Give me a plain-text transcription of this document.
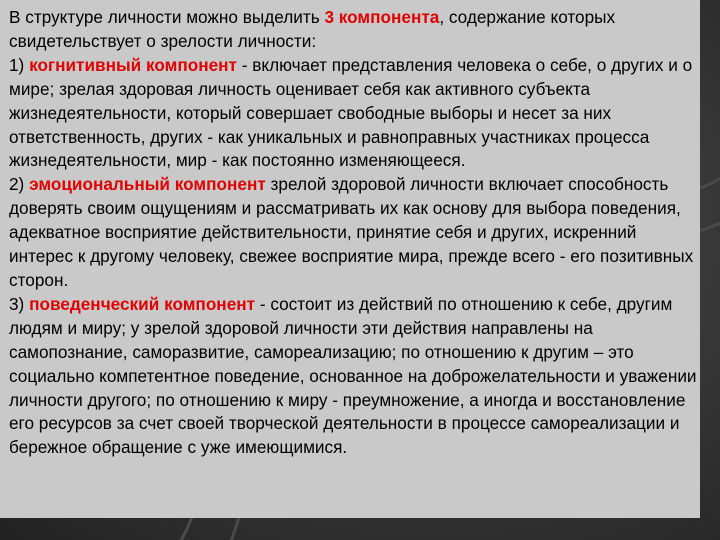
В структуре личности можно выделить 3 компонента, содержание которых свидетельствует о зрелости личности:
1) когнитивный компонент - включает представления человека о себе, о других и о мире; зрелая здоровая личность оценивает себя как активного субъекта жизнедеятельности, который совершает свободные выборы и несет за них ответственность, других - как уникальных и равноправных участниках процесса жизнедеятельности, мир - как постоянно изменяющееся.
2) эмоциональный компонент зрелой здоровой личности включает способность доверять своим ощущениям и рассматривать их как основу для выбора поведения, адекватное восприятие действительности, принятие себя и других, искренний интерес к другому человеку, свежее восприятие мира, прежде всего - его позитивных сторон.
3) поведенческий компонент - состоит из действий по отношению к себе, другим людям и миру; у зрелой здоровой личности эти действия направлены на самопознание, саморазвитие, самореализацию; по отношению к другим – это социально компетентное поведение, основанное на доброжелательности и уважении личности другого; по отношению к миру - преумножение, а иногда и восстановление его ресурсов за счет своей творческой деятельности в процессе самореализации и бережное обращение с уже имеющимися.
